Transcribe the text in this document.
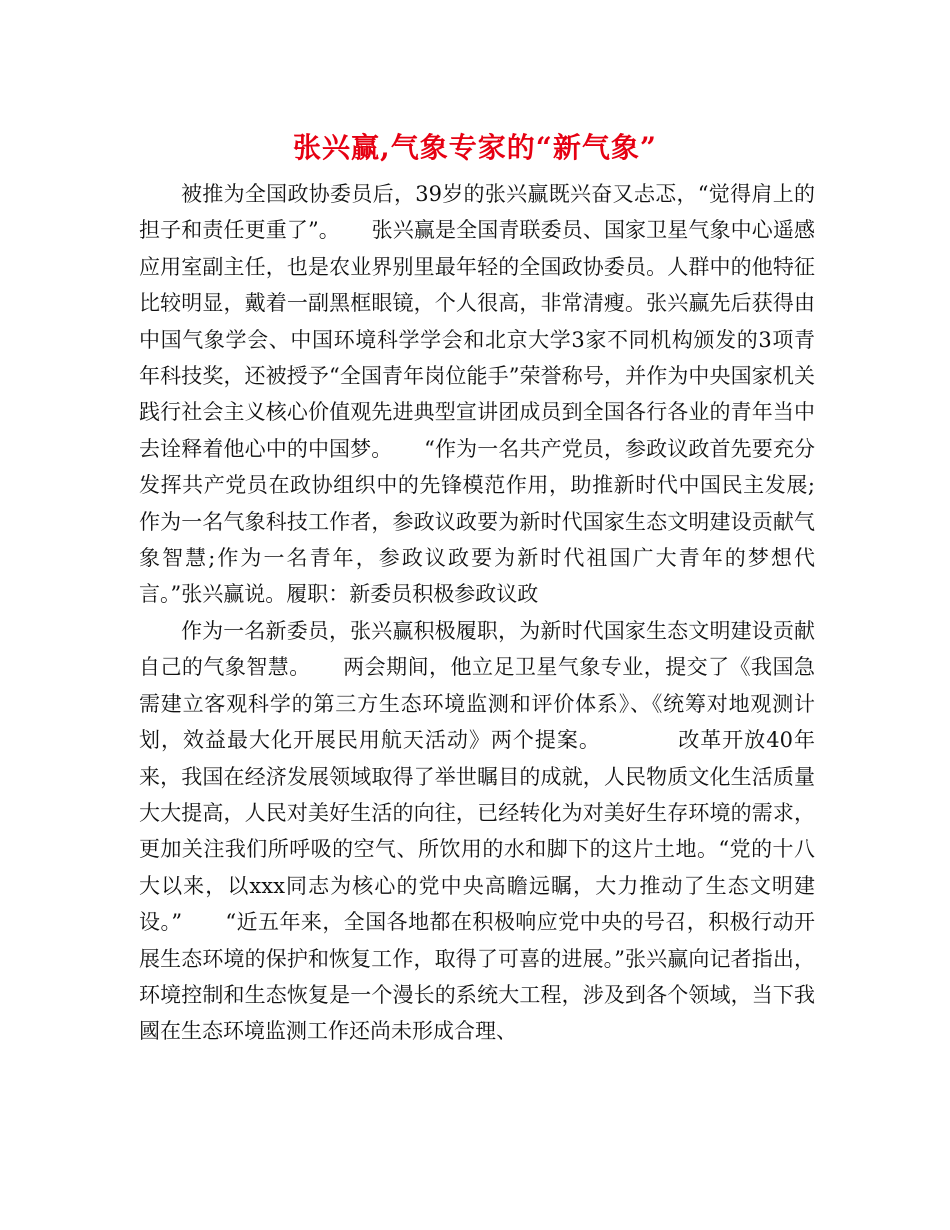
张兴赢,气象专家的“新气象”

被推为全国政协委员后，39岁的张兴赢既兴奋又忐忑，“觉得肩上的担子和责任更重了”。　　张兴赢是全国青联委员、国家卫星气象中心遥感应用室副主任，也是农业界别里最年轻的全国政协委员。人群中的他特征比较明显，戴着一副黑框眼镜，个人很高，非常清瘦。张兴赢先后获得由中国气象学会、中国环境科学学会和北京大学3家不同机构颁发的3项青年科技奖，还被授予“全国青年岗位能手”荣誉称号，并作为中央国家机关践行社会主义核心价值观先进典型宣讲团成员到全国各行各业的青年当中去诠释着他心中的中国梦。　　“作为一名共产党员，参政议政首先要充分发挥共产党员在政协组织中的先锋模范作用，助推新时代中国民主发展;作为一名气象科技工作者，参政议政要为新时代国家生态文明建设贡献气象智慧;作为一名青年，参政议政要为新时代祖国广大青年的梦想代言。”张兴赢说。履职：新委员积极参政议政

作为一名新委员，张兴赢积极履职，为新时代国家生态文明建设贡献自己的气象智慧。　　两会期间，他立足卫星气象专业，提交了《我国急需建立客观科学的第三方生态环境监测和评价体系》、《统筹对地观测计划，效益最大化开展民用航天活动》两个提案。　　　　改革开放40年来，我国在经济发展领域取得了举世瞩目的成就，人民物质文化生活质量大大提高，人民对美好生活的向往，已经转化为对美好生存环境的需求，更加关注我们所呼吸的空气、所饮用的水和脚下的这片土地。“党的十八大以来，以xxx同志为核心的党中央高瞻远瞩，大力推动了生态文明建设。”　　“近五年来，全国各地都在积极响应党中央的号召，积极行动开展生态环境的保护和恢复工作，取得了可喜的进展。”张兴赢向记者指出，环境控制和生态恢复是一个漫长的系统大工程，涉及到各个领域，当下我國在生态环境监测工作还尚未形成合理、
